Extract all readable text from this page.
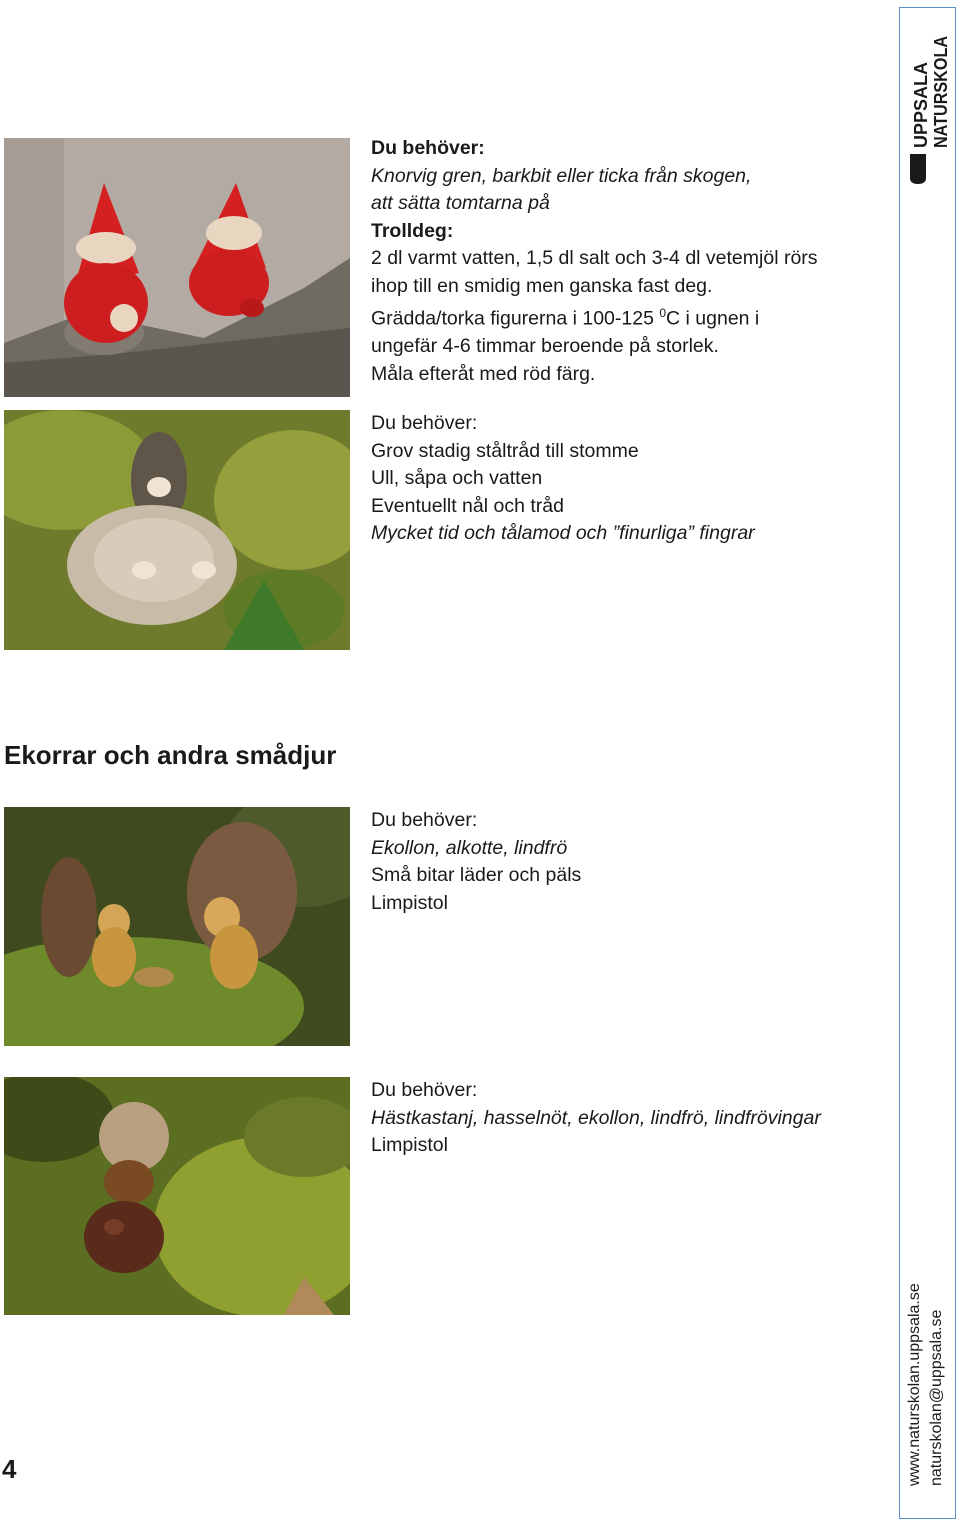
Du behöver:
Knorvig gren, barkbit eller ticka från skogen,
att sätta tomtarna på
Trolldeg:
2 dl varmt vatten, 1,5 dl salt och 3-4 dl vetemjöl rörs
ihop till en smidig men ganska fast deg.
Grädda/torka figurerna i 100-125 $^0$C i ugnen i
ungefär 4-6 timmar beroende på storlek.
Måla efteråt med röd färg.
Du behöver:
Grov stadig ståltråd till stomme
Ull, såpa och vatten
Eventuellt nål och tråd
Mycket tid och tålamod och ”finurliga” fingrar
Ekorrar och andra smådjur
Du behöver:
Ekollon, alkotte, lindfrö
Små bitar läder och päls
Limpistol
Du behöver:
Hästkastanj, hasselnöt, ekollon, lindfrö, lindfrövingar
Limpistol
4
UPPSALA NATURSKOLA
www.naturskolan.uppsala.se naturskolan@uppsala.se
